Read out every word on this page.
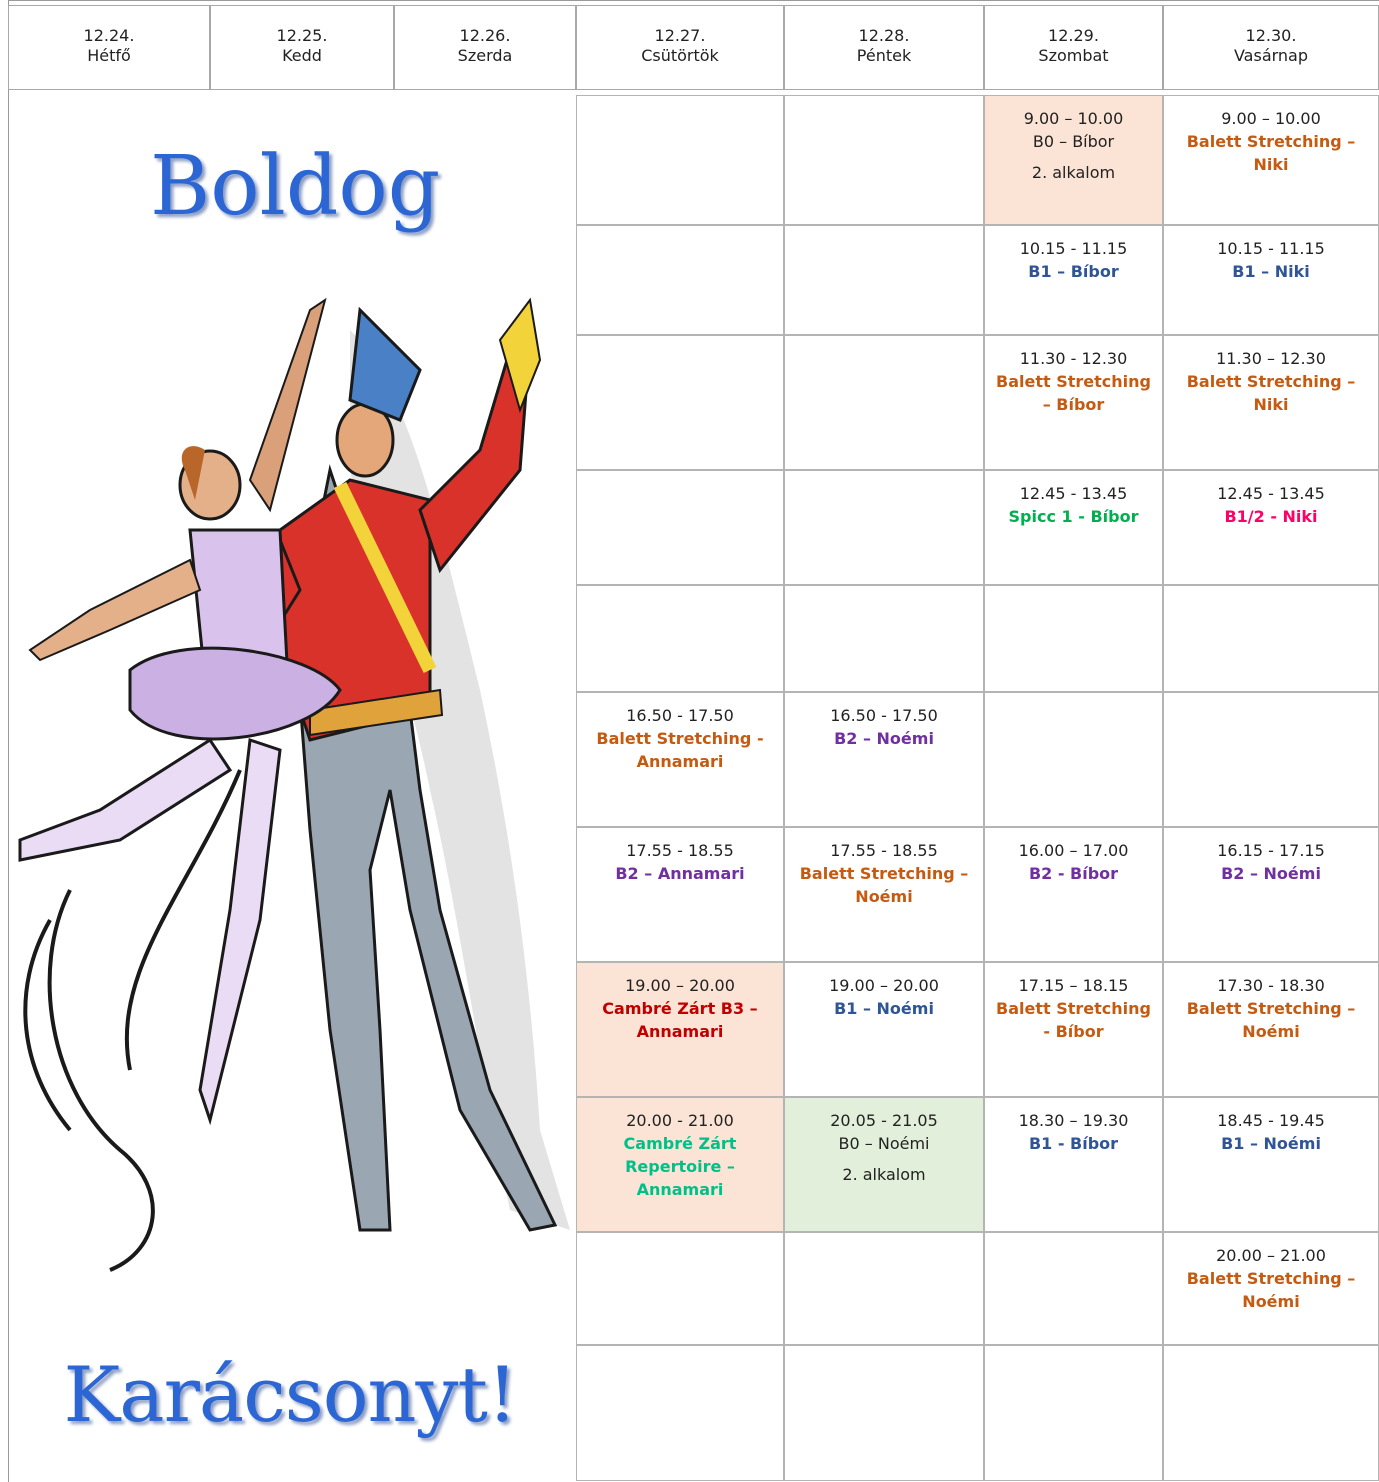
12.24.
Hétfő
12.25.
Kedd
12.26.
Szerda
12.27.
Csütörtök
12.28.
Péntek
12.29.
Szombat
12.30.
Vasárnap
9.00 – 10.00
B0 – Bíbor
2. alkalom
9.00 – 10.00
Balett Stretching – Niki
10.15 - 11.15
B1 – Bíbor
10.15 - 11.15
B1 – Niki
11.30 - 12.30
Balett Stretching – Bíbor
11.30 – 12.30
Balett Stretching – Niki
12.45 - 13.45
Spicc 1 - Bíbor
12.45 - 13.45
B1/2 - Niki
16.50 - 17.50
Balett Stretching - Annamari
16.50 - 17.50
B2 – Noémi
17.55 - 18.55
B2 – Annamari
17.55 - 18.55
Balett Stretching – Noémi
16.00 – 17.00
B2 - Bíbor
16.15 - 17.15
B2 – Noémi
19.00 – 20.00
Cambré Zárt B3 – Annamari
19.00 – 20.00
B1 – Noémi
17.15 – 18.15
Balett Stretching - Bíbor
17.30 - 18.30
Balett Stretching – Noémi
20.00 - 21.00
Cambré Zárt Repertoire – Annamari
20.05 - 21.05
B0 – Noémi
2. alkalom
18.30 – 19.30
B1 - Bíbor
18.45 - 19.45
B1 – Noémi
20.00 – 21.00
Balett Stretching – Noémi
Boldog
Karácsonyt!
